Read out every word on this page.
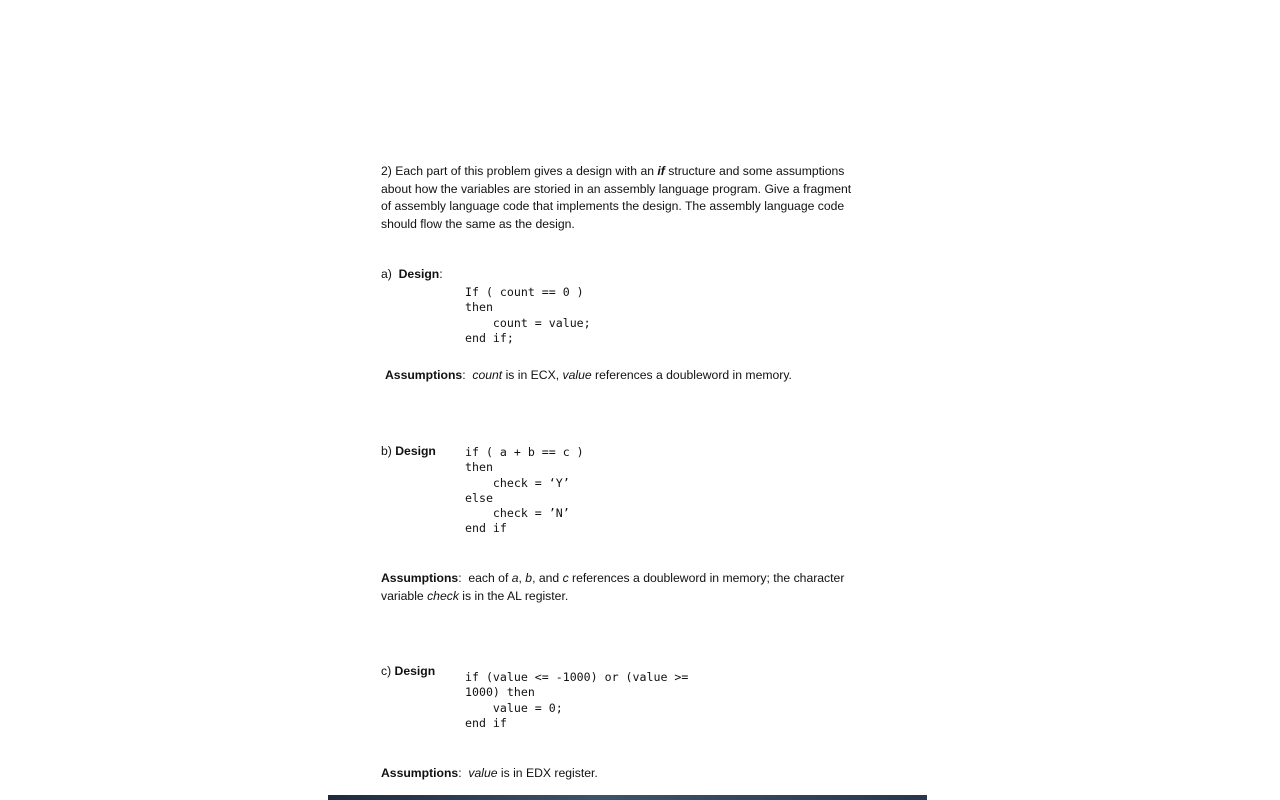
2) Each part of this problem gives a design with an if structure and some assumptions
about how the variables are storied in an assembly language program. Give a fragment
of assembly language code that implements the design. The assembly language code
should flow the same as the design.
a)  Design:
If ( count == 0 )
then
count = value;
end if;
Assumptions:  count is in ECX, value references a doubleword in memory.
b) Design	if ( a + b == c )
then
check = ‘Y’
else
check = ’N’
end if
Assumptions:  each of a, b, and c references a doubleword in memory; the character
variable check is in the AL register.
c) Design	if (value <= -1000) or (value >=
1000) then
value = 0;
end if
Assumptions:  value is in EDX register.
